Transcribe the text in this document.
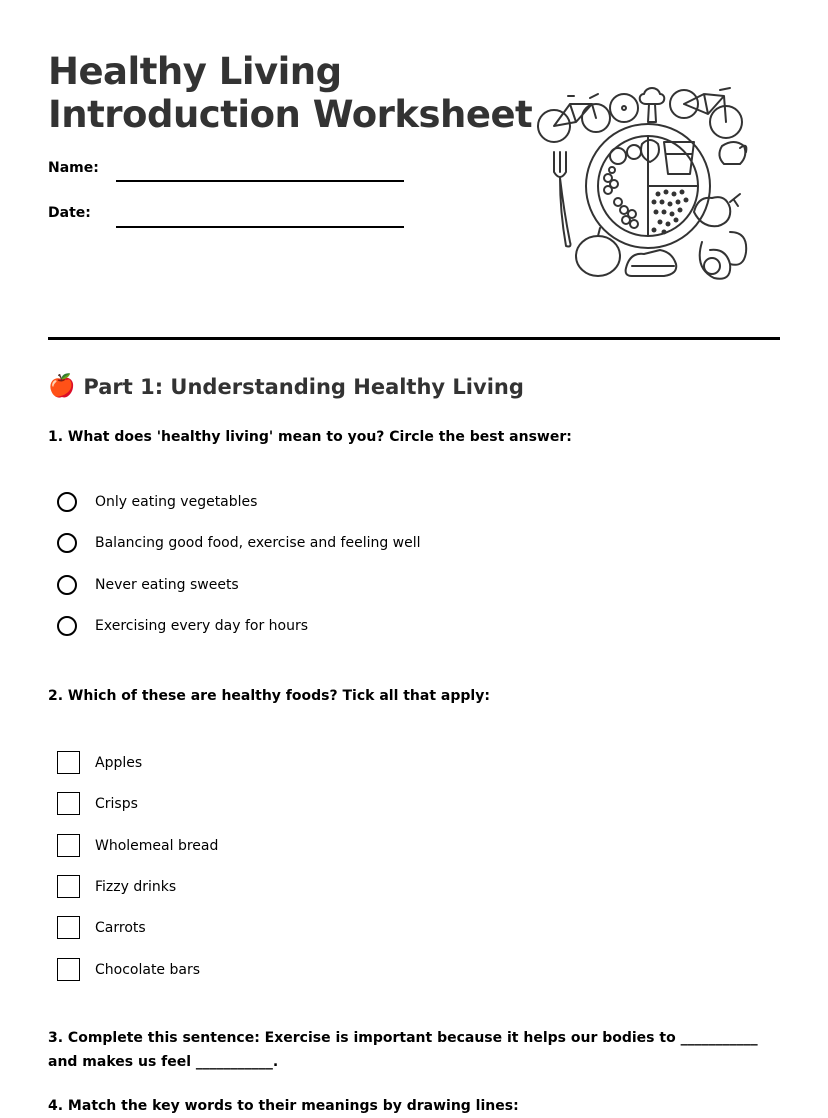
Healthy Living
Introduction Worksheet
Name:
Date:
🍎 Part 1: Understanding Healthy Living

1. What does 'healthy living' mean to you? Circle the best answer:

Only eating vegetables
Balancing good food, exercise and feeling well
Never eating sweets
Exercising every day for hours

2. Which of these are healthy foods? Tick all that apply:

Apples
Crisps
Wholemeal bread
Fizzy drinks
Carrots
Chocolate bars

3. Complete this sentence: Exercise is important because it helps our bodies to ___________ and makes us feel ___________.

4. Match the key words to their meanings by drawing lines:
